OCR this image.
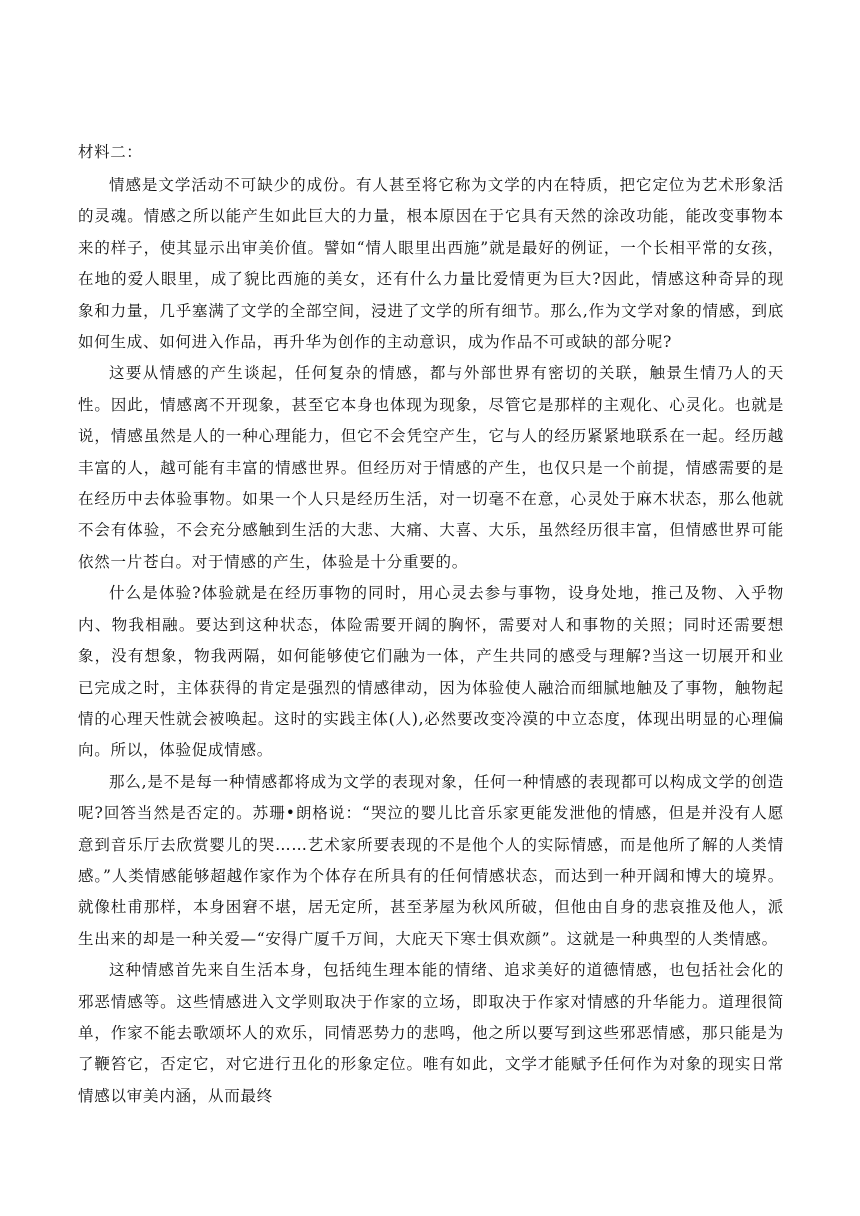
材料二：

情感是文学活动不可缺少的成份。有人甚至将它称为文学的内在特质，把它定位为艺术形象活的灵魂。情感之所以能产生如此巨大的力量，根本原因在于它具有天然的涂改功能，能改变事物本来的样子，使其显示出审美价值。譬如“情人眼里出西施”就是最好的例证，一个长相平常的女孩，在地的爱人眼里，成了貌比西施的美女，还有什么力量比爱情更为巨大?因此，情感这种奇异的现象和力量，几乎塞满了文学的全部空间，浸进了文学的所有细节。那么,作为文学对象的情感，到底如何生成、如何进入作品，再升华为创作的主动意识，成为作品不可或缺的部分呢?

这要从情感的产生谈起，任何复杂的情感，都与外部世界有密切的关联，触景生情乃人的天性。因此，情感离不开现象，甚至它本身也体现为现象，尽管它是那样的主观化、心灵化。也就是说，情感虽然是人的一种心理能力，但它不会凭空产生，它与人的经历紧紧地联系在一起。经历越丰富的人，越可能有丰富的情感世界。但经历对于情感的产生，也仅只是一个前提，情感需要的是在经历中去体验事物。如果一个人只是经历生活，对一切毫不在意，心灵处于麻木状态，那么他就不会有体验，不会充分感触到生活的大悲、大痛、大喜、大乐，虽然经历很丰富，但情感世界可能依然一片苍白。对于情感的产生，体验是十分重要的。

什么是体验?体验就是在经历事物的同时，用心灵去参与事物，设身处地，推己及物、入乎物内、物我相融。要达到这种状态，体险需要开阔的胸怀，需要对人和事物的关照；同时还需要想象，没有想象，物我两隔，如何能够使它们融为一体，产生共同的感受与理解?当这一切展开和业已完成之时，主体获得的肯定是强烈的情感律动，因为体验使人融洽而细腻地触及了事物，触物起情的心理天性就会被唤起。这时的实践主体(人),必然要改变冷漠的中立态度，体现出明显的心理偏向。所以，体验促成情感。

那么,是不是每一种情感都将成为文学的表现对象，任何一种情感的表现都可以构成文学的创造呢?回答当然是否定的。苏珊•朗格说：“哭泣的婴儿比音乐家更能发泄他的情感，但是并没有人愿意到音乐厅去欣赏婴儿的哭……艺术家所要表现的不是他个人的实际情感，而是他所了解的人类情感。”人类情感能够超越作家作为个体存在所具有的任何情感状态，而达到一种开阔和博大的境界。就像杜甫那样，本身困窘不堪，居无定所，甚至茅屋为秋风所破，但他由自身的悲哀推及他人，派生出来的却是一种关爱—“安得广厦千万间，大庇天下寒士俱欢颜”。这就是一种典型的人类情感。

这种情感首先来自生活本身，包括纯生理本能的情绪、追求美好的道德情感，也包括社会化的邪恶情感等。这些情感进入文学则取决于作家的立场，即取决于作家对情感的升华能力。道理很简单，作家不能去歌颂坏人的欢乐，同情恶势力的悲鸣，他之所以要写到这些邪恶情感，那只能是为了鞭笞它，否定它，对它进行丑化的形象定位。唯有如此，文学才能赋予任何作为对象的现实日常情感以审美内涵，从而最终
